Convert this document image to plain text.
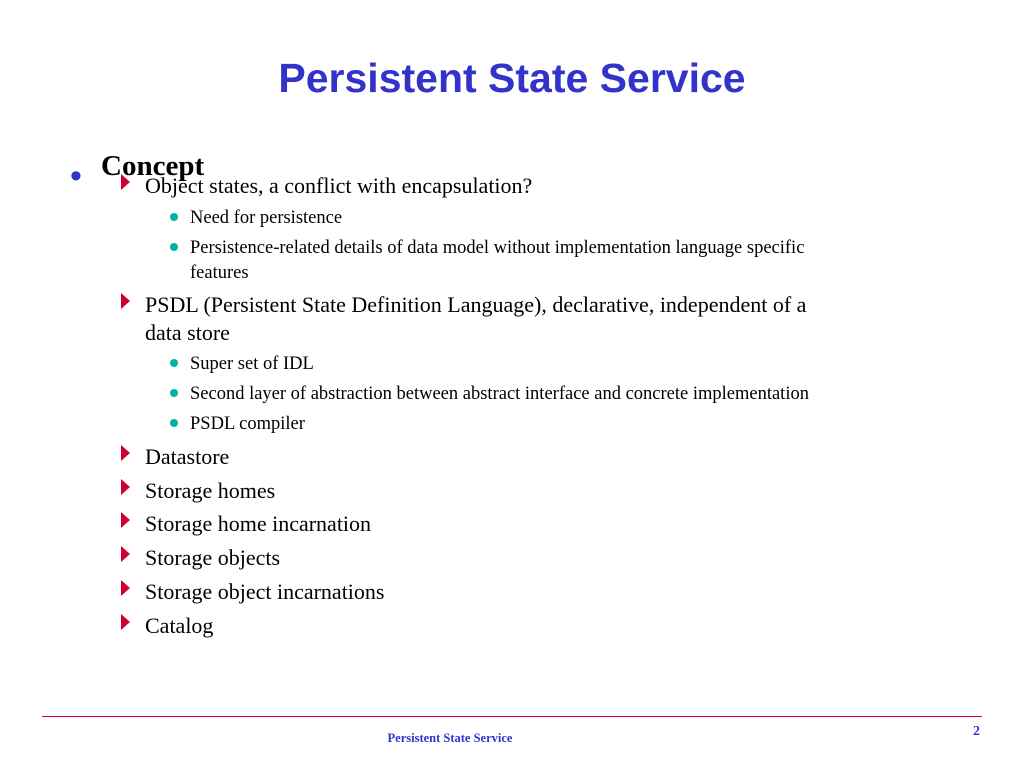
Persistent State Service
• Concept
Object states, a conflict with encapsulation?
Need for persistence
Persistence-related details of data model without implementation language specific
features
PSDL (Persistent State Definition Language), declarative, independent of a
data store
Super set of IDL
Second layer of abstraction between abstract interface and concrete implementation
PSDL compiler
Datastore
Storage homes
Storage home incarnation
Storage objects
Storage object incarnations
Catalog
Persistent State Service	2
